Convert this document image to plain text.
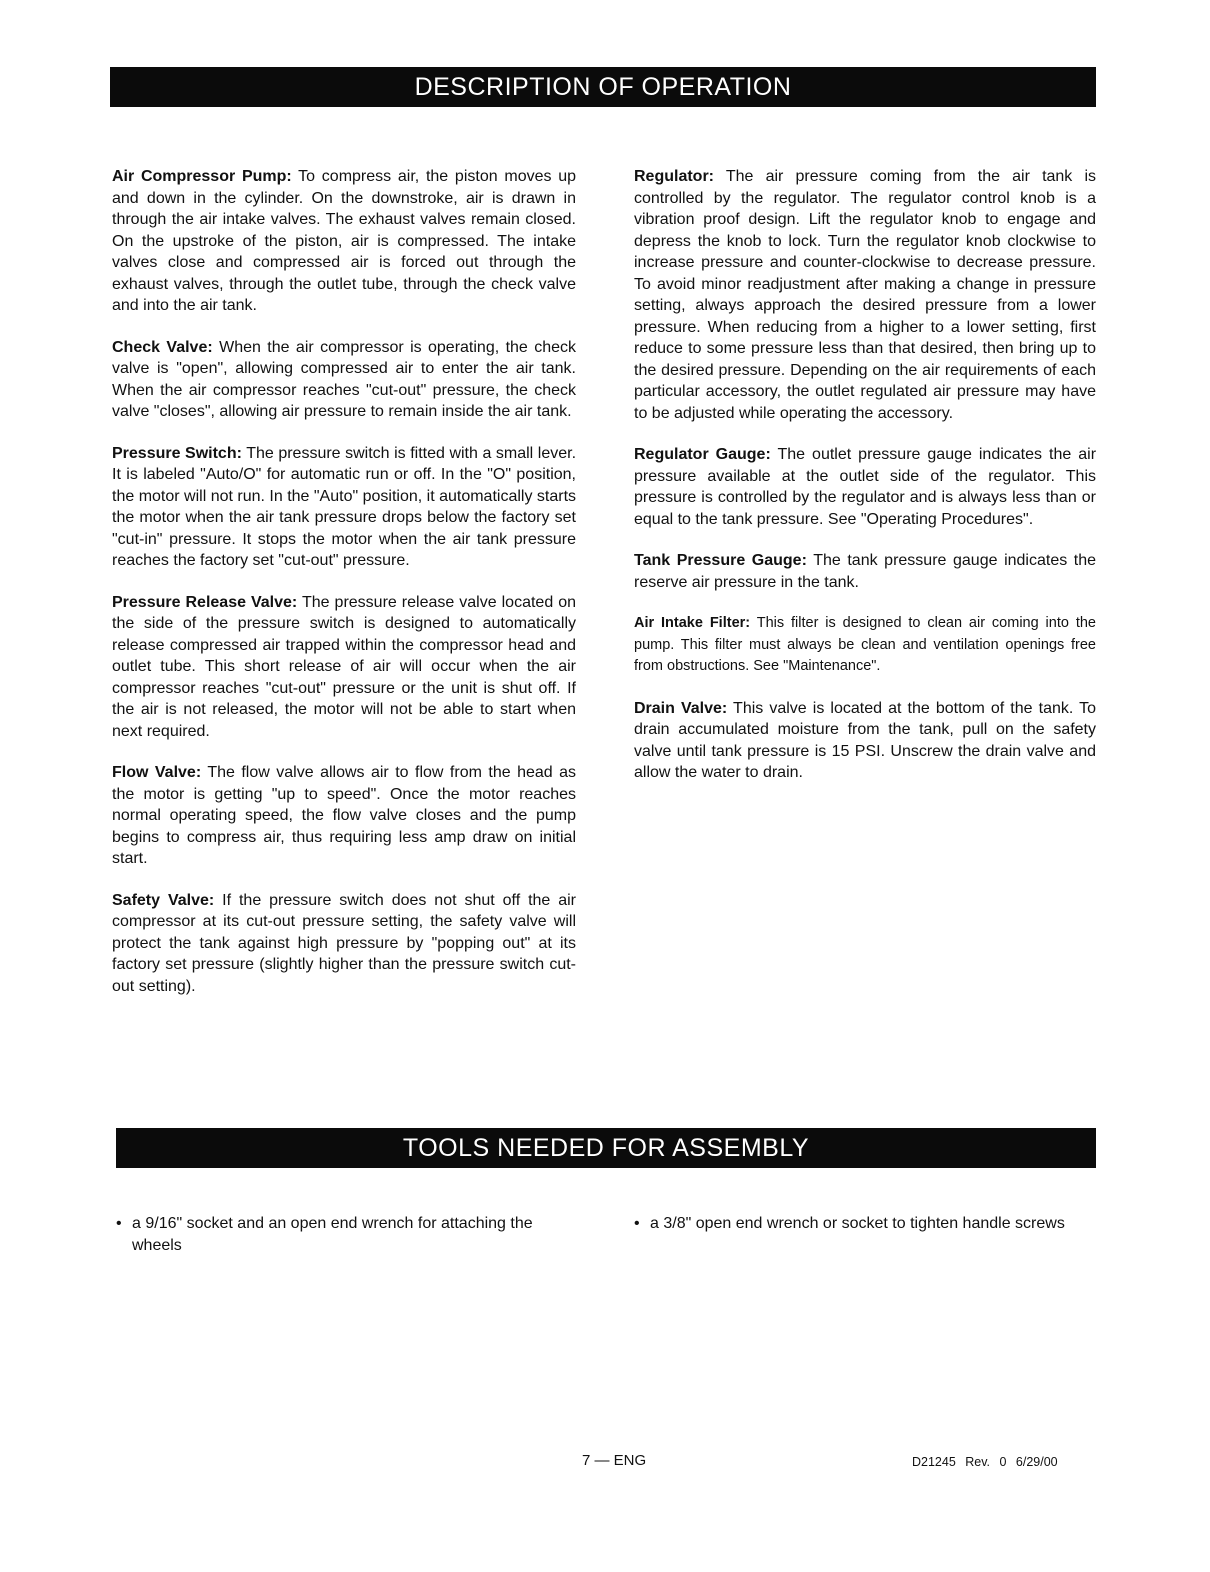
DESCRIPTION OF OPERATION

Air Compressor Pump: To compress air, the piston moves up and down in the cylinder. On the downstroke, air is drawn in through the air intake valves. The exhaust valves remain closed. On the upstroke of the piston, air is compressed. The intake valves close and compressed air is forced out through the exhaust valves, through the outlet tube, through the check valve and into the air tank.

Check Valve: When the air compressor is operating, the check valve is "open", allowing compressed air to enter the air tank. When the air compressor reaches "cut-out" pressure, the check valve "closes", allowing air pressure to remain inside the air tank.

Pressure Switch: The pressure switch is fitted with a small lever. It is labeled "Auto/O" for automatic run or off. In the "O" position, the motor will not run. In the "Auto" position, it automatically starts the motor when the air tank pressure drops below the factory set "cut-in" pressure. It stops the motor when the air tank pressure reaches the factory set "cut-out" pressure.

Pressure Release Valve: The pressure release valve located on the side of the pressure switch is designed to automatically release compressed air trapped within the compressor head and outlet tube. This short release of air will occur when the air compressor reaches "cut-out" pressure or the unit is shut off. If the air is not released, the motor will not be able to start when next required.

Flow Valve: The flow valve allows air to flow from the head as the motor is getting "up to speed". Once the motor reaches normal operating speed, the flow valve closes and the pump begins to compress air, thus requiring less amp draw on initial start.

Safety Valve: If the pressure switch does not shut off the air compressor at its cut-out pressure setting, the safety valve will protect the tank against high pressure by "popping out" at its factory set pressure (slightly higher than the pressure switch cut-out setting).

Regulator: The air pressure coming from the air tank is controlled by the regulator. The regulator control knob is a vibration proof design. Lift the regulator knob to engage and depress the knob to lock. Turn the regulator knob clockwise to increase pressure and counter-clockwise to decrease pressure. To avoid minor readjustment after making a change in pressure setting, always approach the desired pressure from a lower pressure. When reducing from a higher to a lower setting, first reduce to some pressure less than that desired, then bring up to the desired pressure. Depending on the air requirements of each particular accessory, the outlet regulated air pressure may have to be adjusted while operating the accessory.

Regulator Gauge: The outlet pressure gauge indicates the air pressure available at the outlet side of the regulator. This pressure is controlled by the regulator and is always less than or equal to the tank pressure. See "Operating Procedures".

Tank Pressure Gauge: The tank pressure gauge indicates the reserve air pressure in the tank.

Air Intake Filter: This filter is designed to clean air coming into the pump. This filter must always be clean and ventilation openings free from obstructions. See "Maintenance".

Drain Valve: This valve is located at the bottom of the tank. To drain accumulated moisture from the tank, pull on the safety valve until tank pressure is 15 PSI. Unscrew the drain valve and allow the water to drain.

TOOLS NEEDED FOR ASSEMBLY
• a 9/16" socket and an open end wrench for attaching the wheels
• a 3/8" open end wrench or socket to tighten handle screws
7 — ENG	D21245 Rev. 0 6/29/00
